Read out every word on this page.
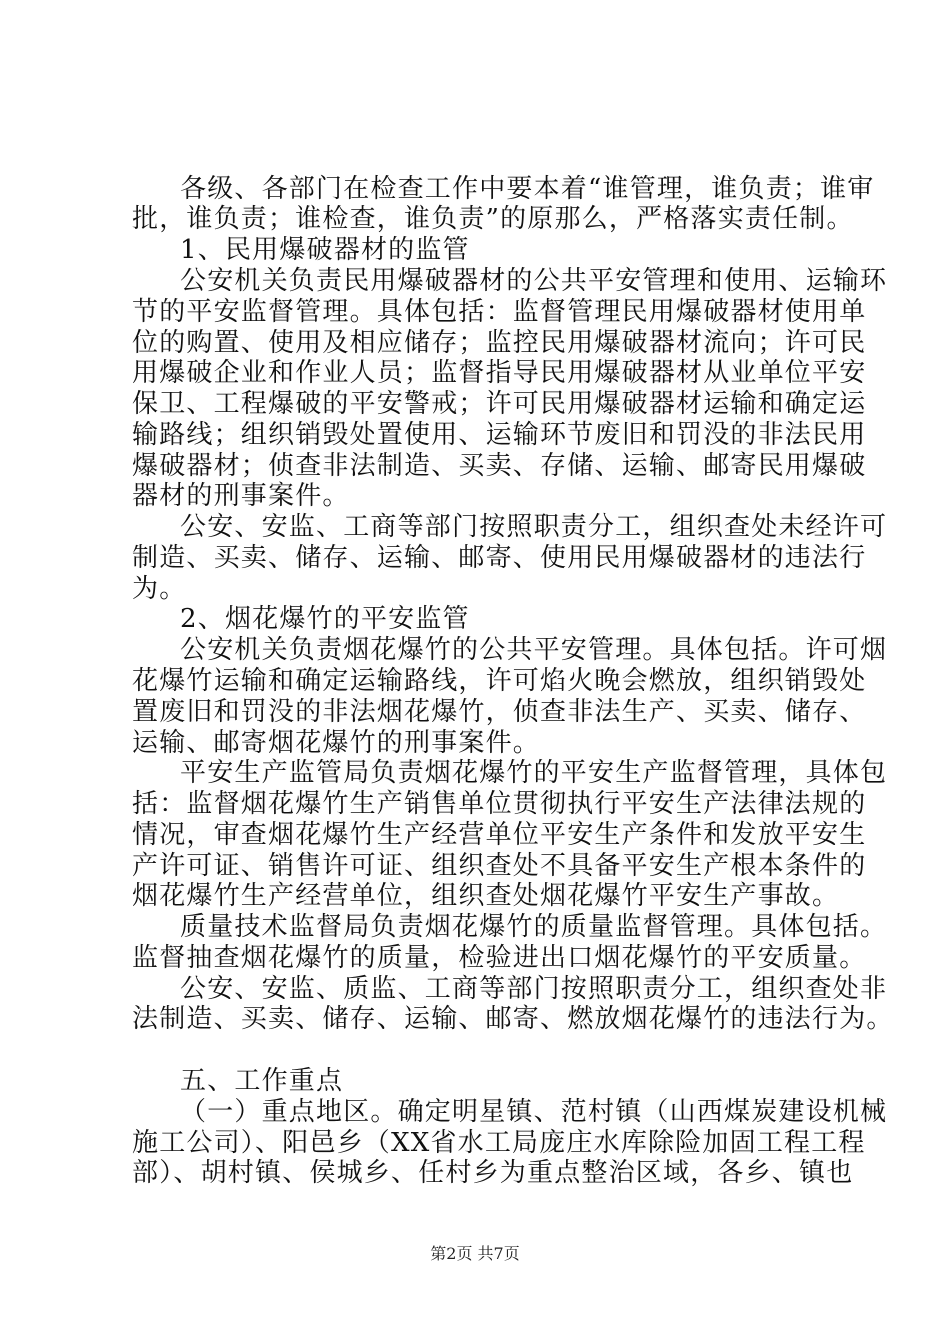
各级、各部门在检查工作中要本着“谁管理，谁负责；谁审
批，谁负责；谁检查，谁负责”的原那么，严格落实责任制。
1、民用爆破器材的监管
公安机关负责民用爆破器材的公共平安管理和使用、运输环
节的平安监督管理。具体包括：监督管理民用爆破器材使用单
位的购置、使用及相应储存；监控民用爆破器材流向；许可民
用爆破企业和作业人员；监督指导民用爆破器材从业单位平安
保卫、工程爆破的平安警戒；许可民用爆破器材运输和确定运
输路线；组织销毁处置使用、运输环节废旧和罚没的非法民用
爆破器材；侦查非法制造、买卖、存储、运输、邮寄民用爆破
器材的刑事案件。
公安、安监、工商等部门按照职责分工，组织查处未经许可
制造、买卖、储存、运输、邮寄、使用民用爆破器材的违法行
为。
2、烟花爆竹的平安监管
公安机关负责烟花爆竹的公共平安管理。具体包括。许可烟
花爆竹运输和确定运输路线，许可焰火晚会燃放，组织销毁处
置废旧和罚没的非法烟花爆竹，侦查非法生产、买卖、储存、
运输、邮寄烟花爆竹的刑事案件。
平安生产监管局负责烟花爆竹的平安生产监督管理，具体包
括：监督烟花爆竹生产销售单位贯彻执行平安生产法律法规的
情况，审查烟花爆竹生产经营单位平安生产条件和发放平安生
产许可证、销售许可证、组织查处不具备平安生产根本条件的
烟花爆竹生产经营单位，组织查处烟花爆竹平安生产事故。
质量技术监督局负责烟花爆竹的质量监督管理。具体包括。
监督抽查烟花爆竹的质量，检验进出口烟花爆竹的平安质量。
公安、安监、质监、工商等部门按照职责分工，组织查处非
法制造、买卖、储存、运输、邮寄、燃放烟花爆竹的违法行为。
五、工作重点
（一）重点地区。确定明星镇、范村镇（山西煤炭建设机械
施工公司）、阳邑乡（XX省水工局庞庄水库除险加固工程工程
部）、胡村镇、侯城乡、任村乡为重点整治区域，各乡、镇也
第2页 共7页
